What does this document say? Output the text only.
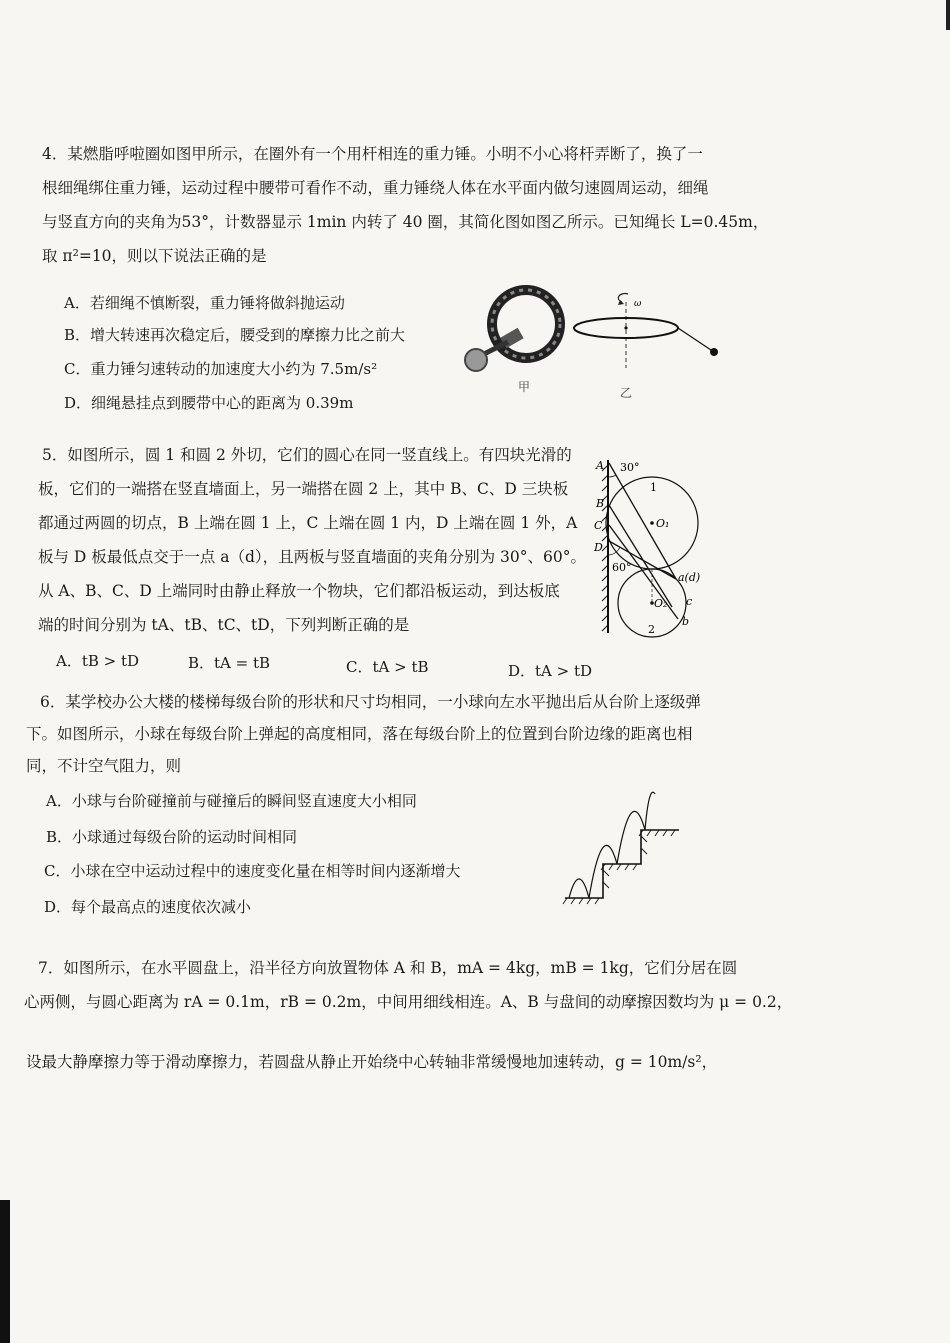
4．某燃脂呼啦圈如图甲所示，在圈外有一个用杆相连的重力锤。小明不小心将杆弄断了，换了一
根细绳绑住重力锤，运动过程中腰带可看作不动，重力锤绕人体在水平面内做匀速圆周运动，细绳
与竖直方向的夹角为53°，计数器显示 1min 内转了 40 圈，其简化图如图乙所示。已知绳长 L=0.45m，
取 π²=10，则以下说法正确的是
A．若细绳不慎断裂，重力锤将做斜抛运动
B．增大转速再次稳定后，腰受到的摩擦力比之前大
C．重力锤匀速转动的加速度大小约为 7.5m/s²
D．细绳悬挂点到腰带中心的距离为 0.39m
甲
ω
乙
5．如图所示，圆 1 和圆 2 外切，它们的圆心在同一竖直线上。有四块光滑的
板，它们的一端搭在竖直墙面上，另一端搭在圆 2 上，其中 B、C、D 三块板
都通过两圆的切点，B 上端在圆 1 上，C 上端在圆 1 内，D 上端在圆 1 外，A
板与 D 板最低点交于一点 a（d），且两板与竖直墙面的夹角分别为 30°、60°。
从 A、B、C、D 上端同时由静止释放一个物块，它们都沿板运动，到达板底
端的时间分别为 tA、tB、tC、tD，下列判断正确的是
A．tB > tD	B．tA = tB	C．tA > tB	D．tA > tD
A
B
C
D
30°
60°
1
O₁
O₂
2
a(d)
c
b
6．某学校办公大楼的楼梯每级台阶的形状和尺寸均相同，一小球向左水平抛出后从台阶上逐级弹
下。如图所示，小球在每级台阶上弹起的高度相同，落在每级台阶上的位置到台阶边缘的距离也相
同，不计空气阻力，则
A．小球与台阶碰撞前与碰撞后的瞬间竖直速度大小相同
B．小球通过每级台阶的运动时间相同
C．小球在空中运动过程中的速度变化量在相等时间内逐渐增大
D．每个最高点的速度依次减小
7．如图所示，在水平圆盘上，沿半径方向放置物体 A 和 B，mA = 4kg，mB = 1kg，它们分居在圆
心两侧，与圆心距离为 rA = 0.1m，rB = 0.2m，中间用细线相连。A、B 与盘间的动摩擦因数均为 μ = 0.2，
设最大静摩擦力等于滑动摩擦力，若圆盘从静止开始绕中心转轴非常缓慢地加速转动，g = 10m/s²，
